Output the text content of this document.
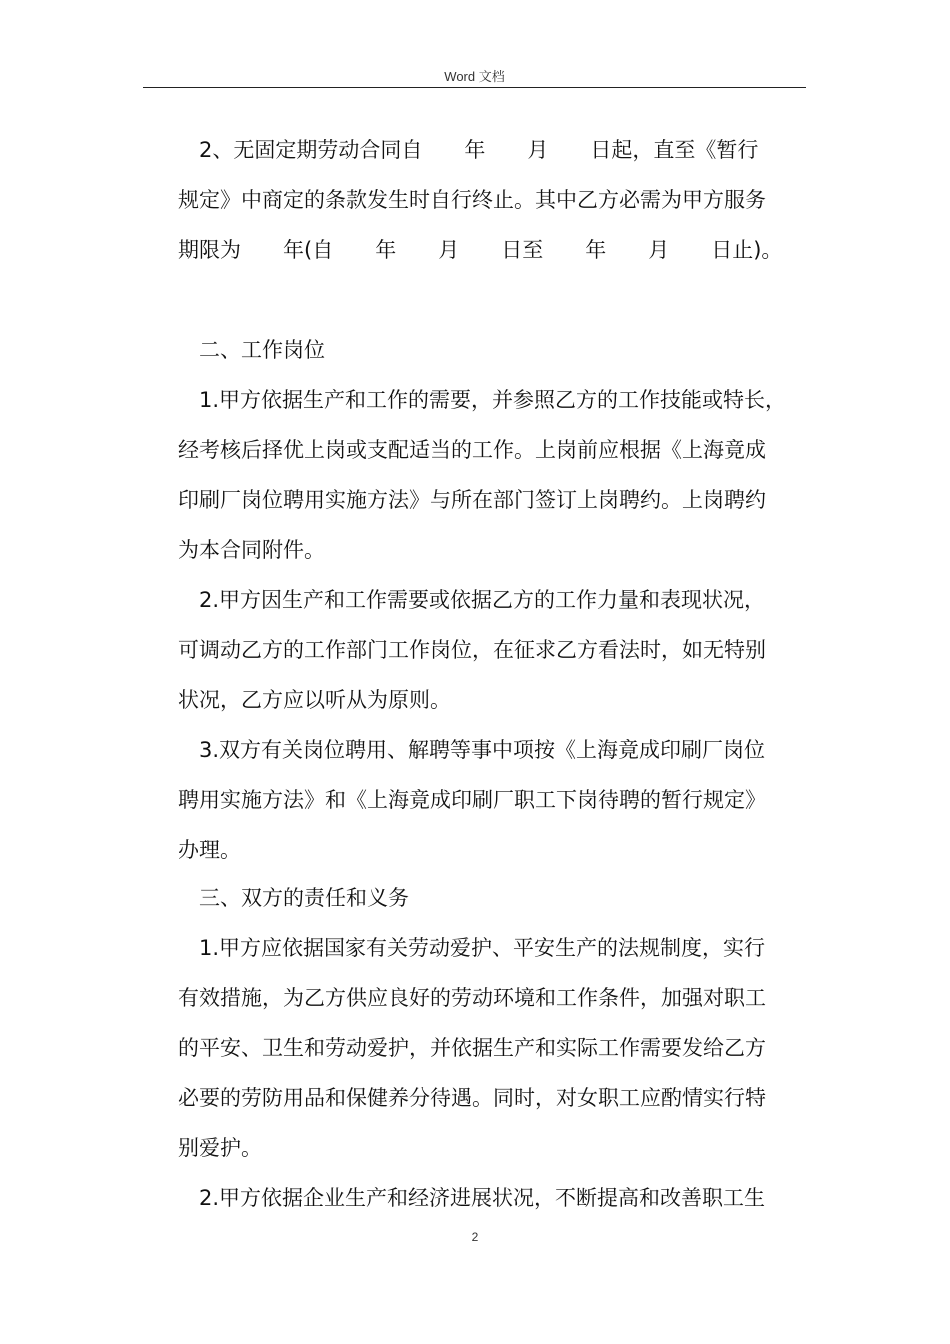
Word 文档
2、无固定期劳动合同自　　年　　月　　日起，直至《暂行
规定》中商定的条款发生时自行终止。其中乙方必需为甲方服务
期限为　　年(自　　年　　月　　日至　　年　　月　　日止)。
二、工作岗位
1.甲方依据生产和工作的需要，并参照乙方的工作技能或特长，
经考核后择优上岗或支配适当的工作。上岗前应根据《上海竟成
印刷厂岗位聘用实施方法》与所在部门签订上岗聘约。上岗聘约
为本合同附件。
2.甲方因生产和工作需要或依据乙方的工作力量和表现状况，
可调动乙方的工作部门工作岗位，在征求乙方看法时，如无特别
状况，乙方应以听从为原则。
3.双方有关岗位聘用、解聘等事中项按《上海竟成印刷厂岗位
聘用实施方法》和《上海竟成印刷厂职工下岗待聘的暂行规定》
办理。
三、双方的责任和义务
1.甲方应依据国家有关劳动爱护、平安生产的法规制度，实行
有效措施，为乙方供应良好的劳动环境和工作条件，加强对职工
的平安、卫生和劳动爱护，并依据生产和实际工作需要发给乙方
必要的劳防用品和保健养分待遇。同时，对女职工应酌情实行特
别爱护。
2.甲方依据企业生产和经济进展状况，不断提高和改善职工生
2
